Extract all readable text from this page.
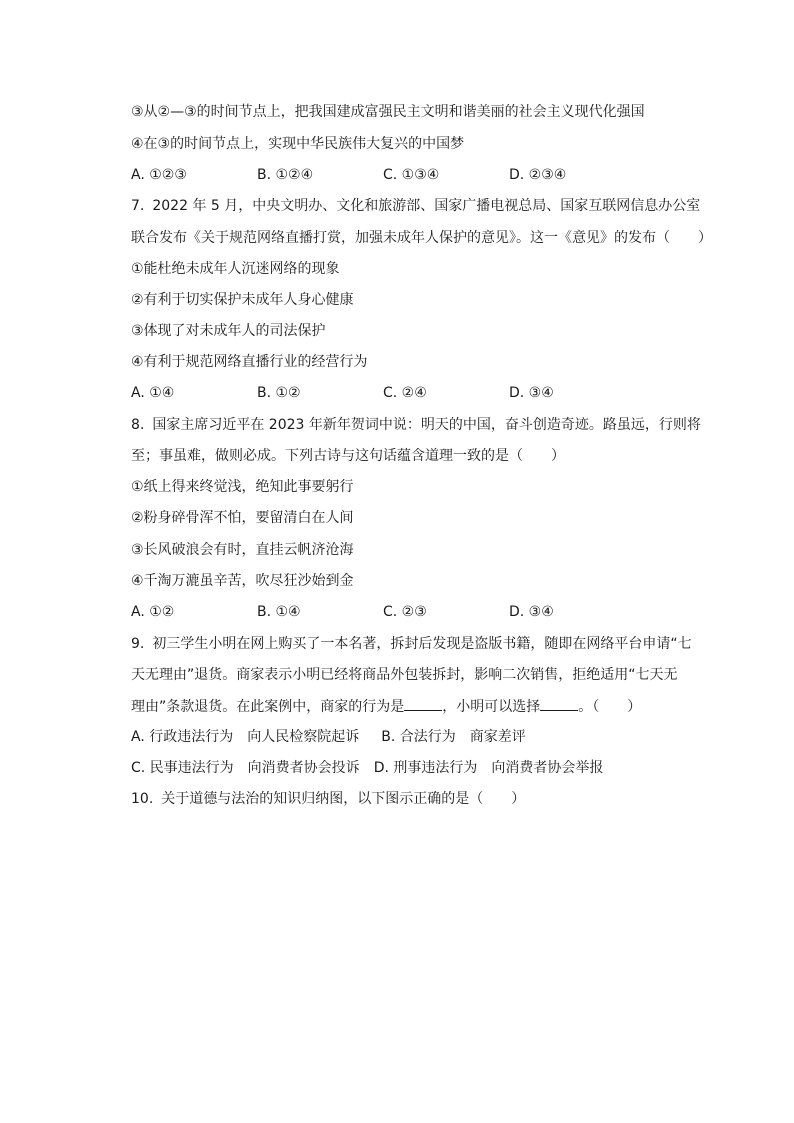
③从②—③的时间节点上，把我国建成富强民主文明和谐美丽的社会主义现代化强国
④在③的时间节点上，实现中华民族伟大复兴的中国梦
A. ①②③	B. ①②④	C. ①③④	D. ②③④
7. 2022 年 5 月，中央文明办、文化和旅游部、国家广播电视总局、国家互联网信息办公室
联合发布《关于规范网络直播打赏，加强未成年人保护的意见》。这一《意见》的发布（　　）
①能杜绝未成年人沉迷网络的现象
②有利于切实保护未成年人身心健康
③体现了对未成年人的司法保护
④有利于规范网络直播行业的经营行为
A. ①④	B. ①②	C. ②④	D. ③④
8. 国家主席习近平在 2023 年新年贺词中说：明天的中国，奋斗创造奇迹。路虽远，行则将
至；事虽难，做则必成。下列古诗与这句话蕴含道理一致的是（　　）
①纸上得来终觉浅，绝知此事要躬行
②粉身碎骨浑不怕，要留清白在人间
③长风破浪会有时，直挂云帆济沧海
④千淘万漉虽辛苦，吹尽狂沙始到金
A. ①②	B. ①④	C. ②③	D. ③④
9. 初三学生小明在网上购买了一本名著，拆封后发现是盗版书籍，随即在网络平台申请“七
天无理由”退货。商家表示小明已经将商品外包装拆封，影响二次销售，拒绝适用“七天无
理由”条款退货。在此案例中，商家的行为是	，小明可以选择	。（　　）
A. 行政违法行为　向人民检察院起诉 B. 合法行为　商家差评
C. 民事违法行为　向消费者协会投诉 D. 刑事违法行为　向消费者协会举报
10. 关于道德与法治的知识归纳图，以下图示正确的是（　　）
